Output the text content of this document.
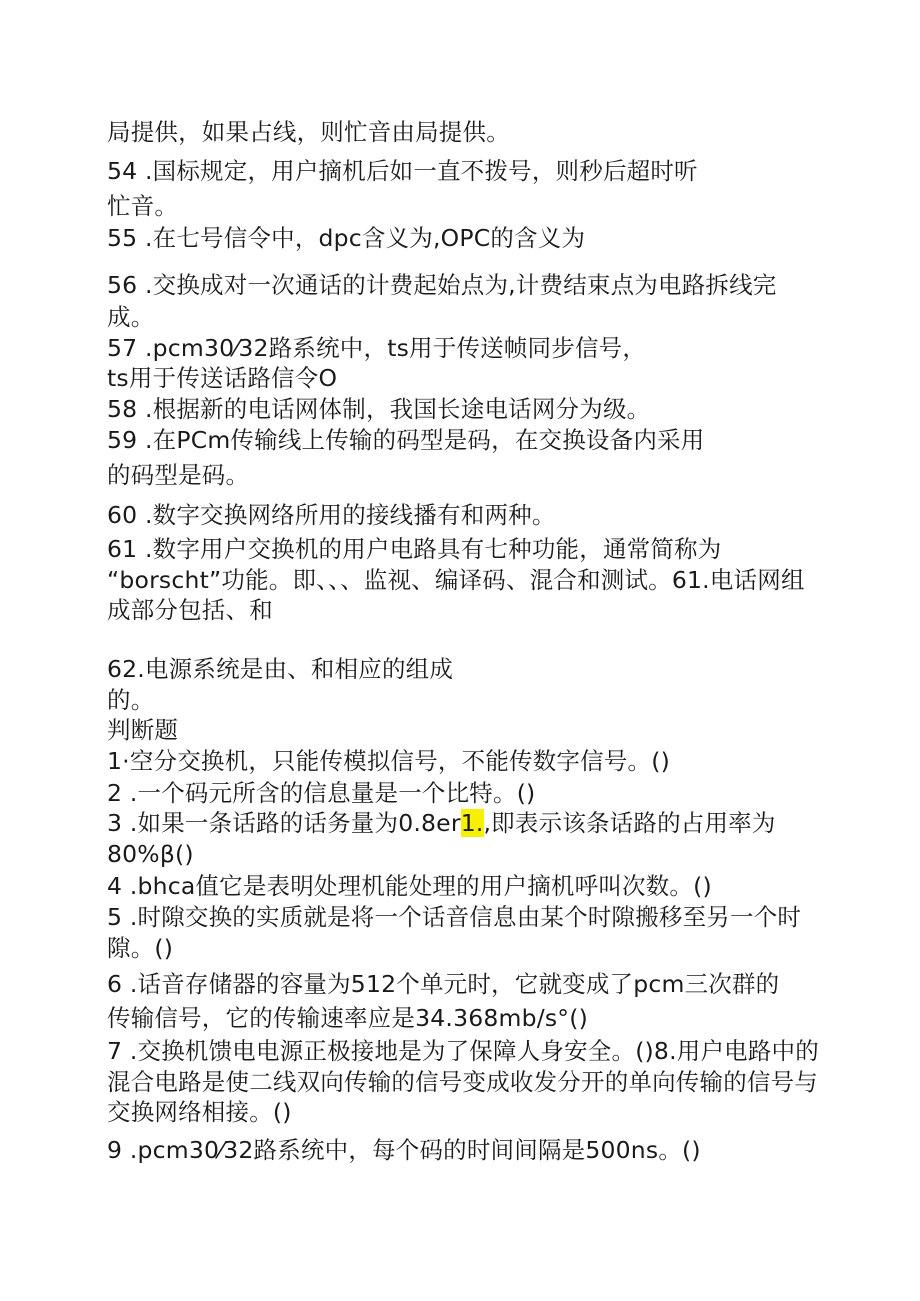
局提供，如果占线，则忙音由局提供。
54 .国标规定，用户摘机后如一直不拨号，则秒后超时听
忙音。
55 .在七号信令中，dpc含义为,OPC的含义为
56 .交换成对一次通话的计费起始点为,计费结束点为电路拆线完
成。
57 .pcm30⁄32路系统中，ts用于传送帧同步信号，
ts用于传送话路信令O
58 .根据新的电话网体制，我国长途电话网分为级。
59 .在PCm传输线上传输的码型是码，在交换设备内采用
的码型是码。
60 .数字交换网络所用的接线播有和两种。
61 .数字用户交换机的用户电路具有七种功能，通常简称为
“borscht”功能。即、、、监视、编译码、混合和测试。61.电话网组
成部分包括、和
62.电源系统是由、和相应的组成
的。
判断题
1·空分交换机，只能传模拟信号，不能传数字信号。()
2 .一个码元所含的信息量是一个比特。()
3 .如果一条话路的话务量为0.8er1.,即表示该条话路的占用率为
80%β()
4 .bhca值它是表明处理机能处理的用户摘机呼叫次数。()
5 .时隙交换的实质就是将一个话音信息由某个时隙搬移至另一个时
隙。()
6 .话音存储器的容量为512个单元时，它就变成了pcm三次群的
传输信号，它的传输速率应是34.368mb∕s°()
7 .交换机馈电电源正极接地是为了保障人身安全。()8.用户电路中的
混合电路是使二线双向传输的信号变成收发分开的单向传输的信号与
交换网络相接。()
9 .pcm30⁄32路系统中，每个码的时间间隔是500ns。()
